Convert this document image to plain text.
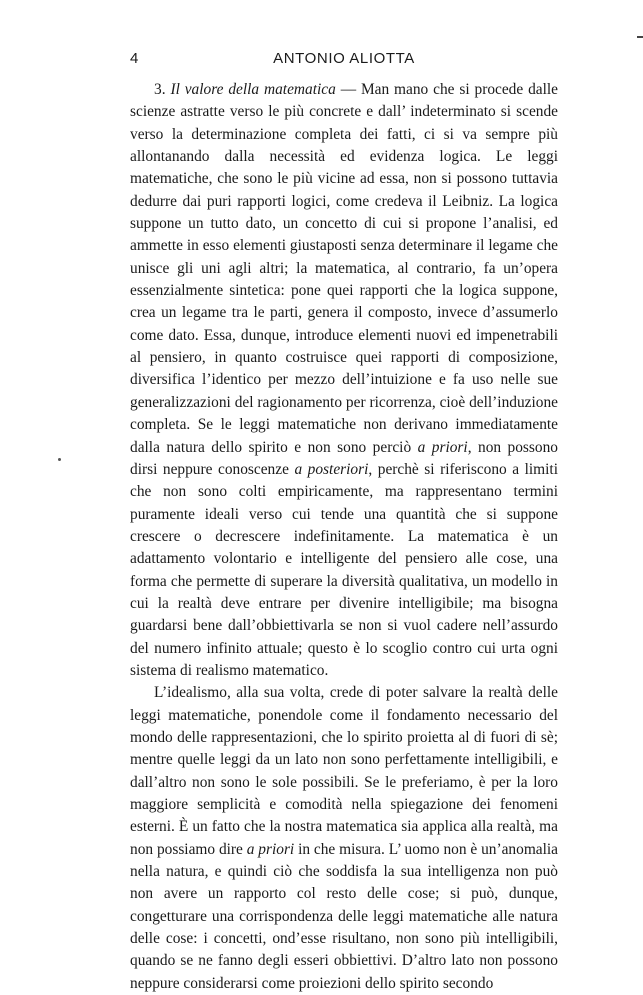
4	ANTONIO ALIOTTA

3. Il valore della matematica — Man mano che si procede dalle scienze astratte verso le più concrete e dall’ indeterminato si scende verso la determinazione completa dei fatti, ci si va sempre più allontanando dalla necessità ed evidenza logica. Le leggi matematiche, che sono le più vicine ad essa, non si possono tuttavia dedurre dai puri rapporti logici, come credeva il Leibniz. La logica suppone un tutto dato, un concetto di cui si propone l’analisi, ed ammette in esso elementi giustaposti senza determinare il legame che unisce gli uni agli altri; la matematica, al contrario, fa un’opera essenzialmente sintetica: pone quei rapporti che la logica suppone, crea un legame tra le parti, genera il composto, invece d’assumerlo come dato. Essa, dunque, introduce elementi nuovi ed impenetrabili al pensiero, in quanto costruisce quei rapporti di composizione, diversifica l’identico per mezzo dell’intuizione e fa uso nelle sue generalizzazioni del ragionamento per ricorrenza, cioè dell’induzione completa. Se le leggi matematiche non derivano immediatamente dalla natura dello spirito e non sono perciò a priori, non possono dirsi neppure conoscenze a posteriori, perchè si riferiscono a limiti che non sono colti empiricamente, ma rappresentano termini puramente ideali verso cui tende una quantità che si suppone crescere o decrescere indefinitamente. La matematica è un adattamento volontario e intelligente del pensiero alle cose, una forma che permette di superare la diversità qualitativa, un modello in cui la realtà deve entrare per divenire intelligibile; ma bisogna guardarsi bene dall’obbiettivarla se non si vuol cadere nell’assurdo del numero infinito attuale; questo è lo scoglio contro cui urta ogni sistema di realismo matematico.

L’idealismo, alla sua volta, crede di poter salvare la realtà delle leggi matematiche, ponendole come il fondamento necessario del mondo delle rappresentazioni, che lo spirito proietta al di fuori di sè; mentre quelle leggi da un lato non sono perfettamente intelligibili, e dall’altro non sono le sole possibili. Se le preferiamo, è per la loro maggiore semplicità e comodità nella spiegazione dei fenomeni esterni. È un fatto che la nostra matematica sia applica alla realtà, ma non possiamo dire a priori in che misura. L’ uomo non è un’anomalia nella natura, e quindi ciò che soddisfa la sua intelligenza non può non avere un rapporto col resto delle cose; si può, dunque, congetturare una corrispondenza delle leggi matematiche alle natura delle cose: i concetti, ond’esse risultano, non sono più intelligibili, quando se ne fanno degli esseri obbiettivi. D’altro lato non possono neppure considerarsi come proiezioni dello spirito secondo
